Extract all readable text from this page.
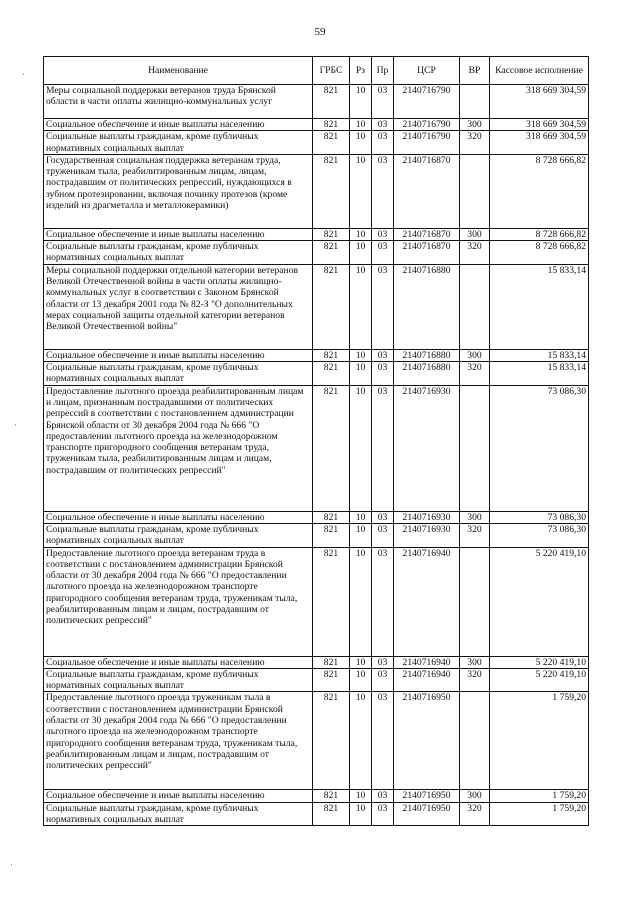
59
`
·
·
Наименование	ГРБС	Рз	Пр	ЦСР	ВР	Кассовое исполнение
Меры социальной поддержки ветеранов труда Брянской области в части оплаты жилищно-коммунальных услуг	821	10	03	2140716790		318 669 304,59
Социальное обеспечение и иные выплаты населению	821	10	03	2140716790	300	318 669 304,59
Социальные выплаты гражданам, кроме публичных нормативных социальных выплат	821	10	03	2140716790	320	318 669 304,59
Государственная социальная поддержка ветеранам труда, труженикам тыла, реабилитированным лицам, лицам, пострадавшим от политических репрессий, нуждающихся в зубном протезировании, включая починку протезов (кроме изделий из драгметалла и металлокерамики)	821	10	03	2140716870		8 728 666,82
Социальное обеспечение и иные выплаты населению	821	10	03	2140716870	300	8 728 666,82
Социальные выплаты гражданам, кроме публичных нормативных социальных выплат	821	10	03	2140716870	320	8 728 666,82
Меры социальной поддержки отдельной категории ветеранов Великой Отечественной войны в части оплаты жилищно-коммунальных услуг в соответствии с Законом Брянской области от 13 декабря 2001 года № 82-З "О дополнительных мерах социальной защиты отдельной категории ветеранов Великой Отечественной войны"	821	10	03	2140716880		15 833,14
Социальное обеспечение и иные выплаты населению	821	10	03	2140716880	300	15 833,14
Социальные выплаты гражданам, кроме публичных нормативных социальных выплат	821	10	03	2140716880	320	15 833,14
Предоставление льготного проезда реабилитированным лицам и лицам, признанным пострадавшими от политических репрессий в соответствии с постановлением администрации Брянской области от 30 декабря 2004 года № 666 "О предоставлении льготного проезда на железнодорожном транспорте пригородного сообщения ветеранам труда, труженикам тыла, реабилитированным лицам и лицам, пострадавшим от политических репрессий"	821	10	03	2140716930		73 086,30
Социальное обеспечение и иные выплаты населению	821	10	03	2140716930	300	73 086,30
Социальные выплаты гражданам, кроме публичных нормативных социальных выплат	821	10	03	2140716930	320	73 086,30
Предоставление льготного проезда ветеранам труда в соответствии с постановлением администрации Брянской области от 30 декабря 2004 года № 666 "О предоставлении льготного проезда на железнодорожном транспорте пригородного сообщения ветеранам труда, труженикам тыла, реабилитированным лицам и лицам, пострадавшим от политических репрессий"	821	10	03	2140716940		5 220 419,10
Социальное обеспечение и иные выплаты населению	821	10	03	2140716940	300	5 220 419,10
Социальные выплаты гражданам, кроме публичных нормативных социальных выплат	821	10	03	2140716940	320	5 220 419,10
Предоставление льготного проезда труженикам тыла в соответствии с постановлением администрации Брянской области от 30 декабря 2004 года № 666 "О предоставлении льготного проезда на железнодорожном транспорте пригородного сообщения ветеранам труда, труженикам тыла, реабилитированным лицам и лицам, пострадавшим от политических репрессий"	821	10	03	2140716950		1 759,20
Социальное обеспечение и иные выплаты населению	821	10	03	2140716950	300	1 759,20
Социальные выплаты гражданам, кроме публичных нормативных социальных выплат	821	10	03	2140716950	320	1 759,20
